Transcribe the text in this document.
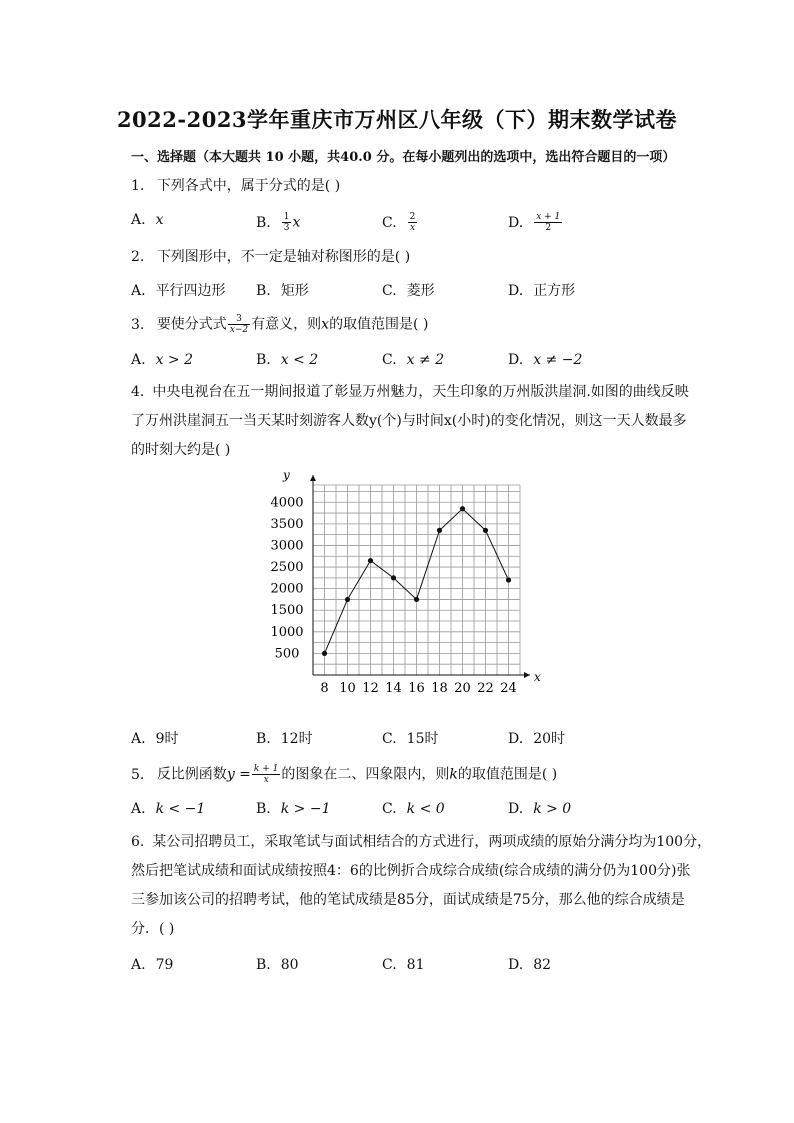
2022-2023学年重庆市万州区八年级（下）期末数学试卷
一、选择题（本大题共 10 小题，共40.0 分。在每小题列出的选项中，选出符合题目的一项）
1. 下列各式中，属于分式的是( )
A. x	B. $\frac{1}{3}$ x	C. $\frac{2}{x}$	D. $\frac{x + 1}{2}$
2. 下列图形中，不一定是轴对称图形的是( )
A. 平行四边形 B. 矩形	C. 菱形	D. 正方形
3. 要使分式式 $\frac{3}{x-2}$ 有意义，则x的取值范围是( )
A. x > 2	B. x < 2	C. x ≠ 2	D. x ≠ −2
4. 中央电视台在五一期间报道了彰显万州魅力，天生印象的万州版洪崖洞.如图的曲线反映
了万州洪崖洞五一当天某时刻游客人数y(个)与时间x(小时)的变化情况，则这一天人数最多
的时刻大约是( )
x
y
8 10 12 14 16 18 20 22 24
500
1000
1500
2000
2500
3000
3500
4000
A. 9时	B. 12时	C. 15时	D. 20时
5. 反比例函数$y = \frac{k + 1}{x}$ 的图象在二、四象限内，则k的取值范围是( )
A. k < −1	B. k > −1	C. k < 0	D. k > 0
6. 某公司招聘员工，采取笔试与面试相结合的方式进行，两项成绩的原始分满分均为100分，
然后把笔试成绩和面试成绩按照4：6的比例折合成综合成绩(综合成绩的满分仍为100分)张
三参加该公司的招聘考试，他的笔试成绩是85分，面试成绩是75分，那么他的综合成绩是
分．( )
A. 79	B. 80	C. 81	D. 82
